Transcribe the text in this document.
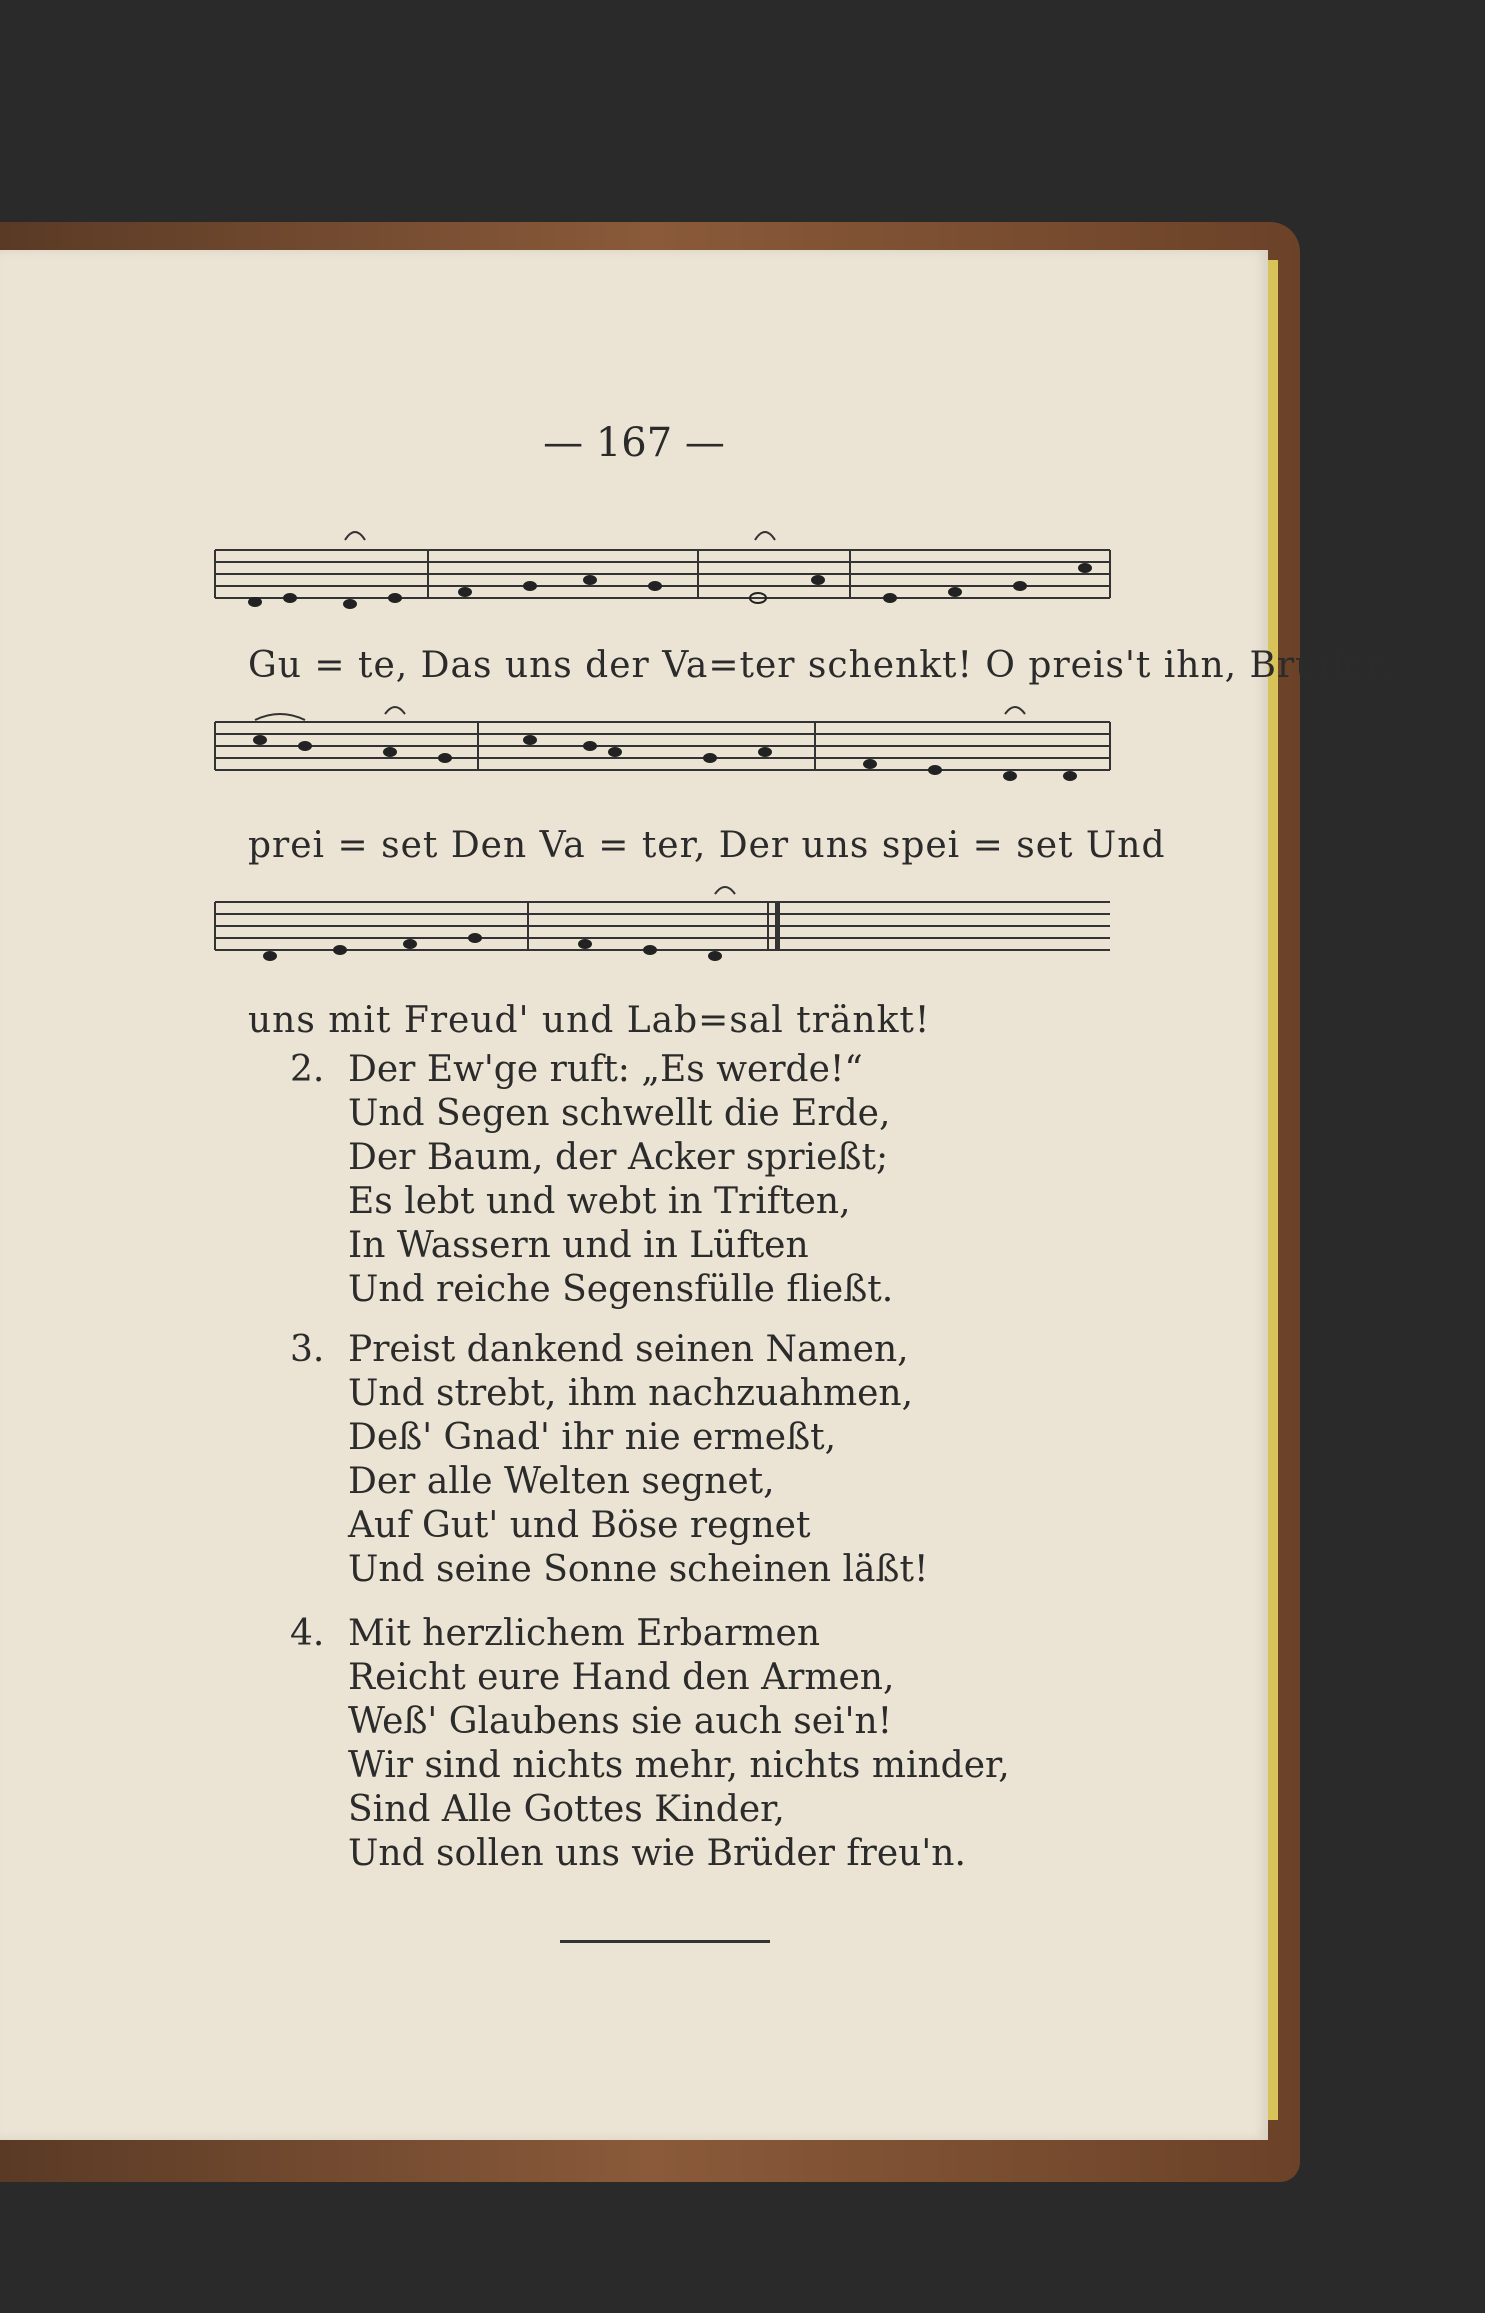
— 167 —
Gu = te, Das uns der Va=ter schenkt! O preis't ihn, Brüder,
prei = set Den Va = ter, Der uns spei = set Und
uns mit Freud' und Lab=sal tränkt!
2. Der Ew'ge ruft: „Es werde!“
Und Segen schwellt die Erde,
Der Baum, der Acker sprießt;
Es lebt und webt in Triften,
In Wassern und in Lüften
Und reiche Segensfülle fließt.
3. Preist dankend seinen Namen,
Und strebt, ihm nachzuahmen,
Deß' Gnad' ihr nie ermeßt,
Der alle Welten segnet,
Auf Gut' und Böse regnet
Und seine Sonne scheinen läßt!
4. Mit herzlichem Erbarmen
Reicht eure Hand den Armen,
Weß' Glaubens sie auch sei'n!
Wir sind nichts mehr, nichts minder,
Sind Alle Gottes Kinder,
Und sollen uns wie Brüder freu'n.
